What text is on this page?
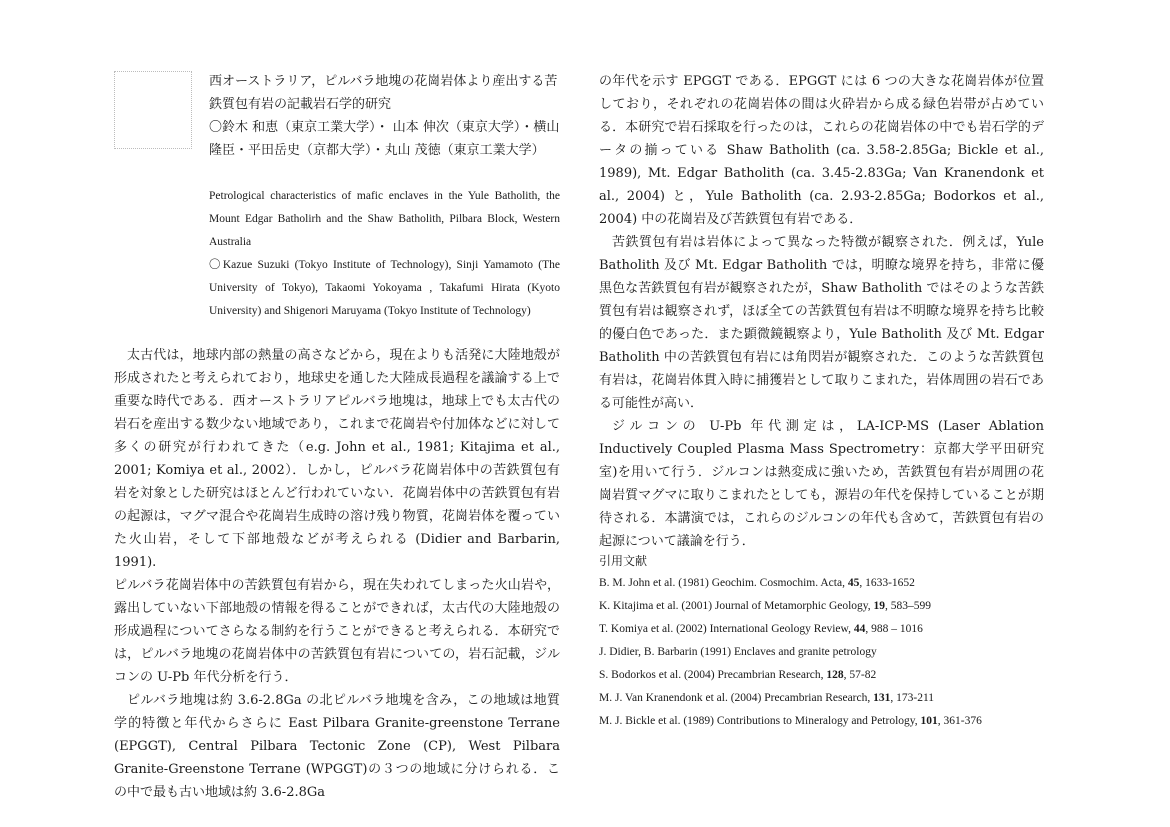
西オーストラリア，ピルバラ地塊の花崗岩体より産出する苦鉄質包有岩の記載岩石学的研究
〇鈴木 和恵（東京工業大学）・ 山本 伸次（東京大学）・横山 隆臣・平田岳史（京都大学）・丸山 茂徳（東京工業大学）
Petrological characteristics of mafic enclaves in the Yule Batholith, the Mount Edgar Batholirh and the Shaw Batholith, Pilbara Block, Western Australia
〇Kazue Suzuki (Tokyo Institute of Technology), Sinji Yamamoto (The University of Tokyo), Takaomi Yokoyama , Takafumi Hirata (Kyoto University) and Shigenori Maruyama (Tokyo Institute of Technology)

太古代は，地球内部の熱量の高さなどから，現在よりも活発に大陸地殻が形成されたと考えられており，地球史を通した大陸成長過程を議論する上で重要な時代である．西オーストラリアピルバラ地塊は，地球上でも太古代の岩石を産出する数少ない地域であり，これまで花崗岩や付加体などに対して多くの研究が行われてきた（e.g. John et al., 1981; Kitajima et al., 2001; Komiya et al., 2002）．しかし，ピルバラ花崗岩体中の苦鉄質包有岩を対象とした研究はほとんど行われていない．花崗岩体中の苦鉄質包有岩の起源は，マグマ混合や花崗岩生成時の溶け残り物質，花崗岩体を覆っていた火山岩，そして下部地殻などが考えられる (Didier and Barbarin, 1991).

ピルバラ花崗岩体中の苦鉄質包有岩から，現在失われてしまった火山岩や，露出していない下部地殻の情報を得ることができれば，太古代の大陸地殻の形成過程についてさらなる制約を行うことができると考えられる．本研究では，ピルバラ地塊の花崗岩体中の苦鉄質包有岩についての，岩石記載，ジルコンの U-Pb 年代分析を行う．

ピルバラ地塊は約 3.6-2.8Ga の北ピルバラ地塊を含み，この地域は地質学的特徴と年代からさらに East Pilbara Granite-greenstone Terrane (EPGGT), Central Pilbara Tectonic Zone (CP), West Pilbara Granite-Greenstone Terrane (WPGGT)の３つの地域に分けられる．この中で最も古い地域は約 3.6-2.8Ga

の年代を示す EPGGT である．EPGGT には 6 つの大きな花崗岩体が位置しており，それぞれの花崗岩体の間は火砕岩から成る緑色岩帯が占めている．本研究で岩石採取を行ったのは，これらの花崗岩体の中でも岩石学的データの揃っている Shaw Batholith (ca. 3.58-2.85Ga; Bickle et al., 1989), Mt. Edgar Batholith (ca. 3.45-2.83Ga; Van Kranendonk et al., 2004) と，Yule Batholith (ca. 2.93-2.85Ga; Bodorkos et al., 2004) 中の花崗岩及び苦鉄質包有岩である．

苦鉄質包有岩は岩体によって異なった特徴が観察された．例えば，Yule Batholith 及び Mt. Edgar Batholith では，明瞭な境界を持ち，非常に優黒色な苦鉄質包有岩が観察されたが，Shaw Batholith ではそのような苦鉄質包有岩は観察されず，ほぼ全ての苦鉄質包有岩は不明瞭な境界を持ち比較的優白色であった．また顕微鏡観察より，Yule Batholith 及び Mt. Edgar Batholith 中の苦鉄質包有岩には角閃岩が観察された．このような苦鉄質包有岩は，花崗岩体貫入時に捕獲岩として取りこまれた，岩体周囲の岩石である可能性が高い．

ジルコンの U-Pb 年代測定は，LA-ICP-MS (Laser Ablation Inductively Coupled Plasma Mass Spectrometry：京都大学平田研究室)を用いて行う．ジルコンは熱変成に強いため，苦鉄質包有岩が周囲の花崗岩質マグマに取りこまれたとしても，源岩の年代を保持していることが期待される．本講演では，これらのジルコンの年代も含めて，苦鉄質包有岩の起源について議論を行う．

引用文献
B. M. John et al. (1981) Geochim. Cosmochim. Acta, 45, 1633-1652
K. Kitajima et al. (2001) Journal of Metamorphic Geology, 19, 583–599
T. Komiya et al. (2002) International Geology Review, 44, 988 – 1016
J. Didier, B. Barbarin (1991) Enclaves and granite petrology
S. Bodorkos et al. (2004) Precambrian Research, 128, 57-82
M. J. Van Kranendonk et al. (2004) Precambrian Research, 131, 173-211
M. J. Bickle et al. (1989) Contributions to Mineralogy and Petrology, 101, 361-376
